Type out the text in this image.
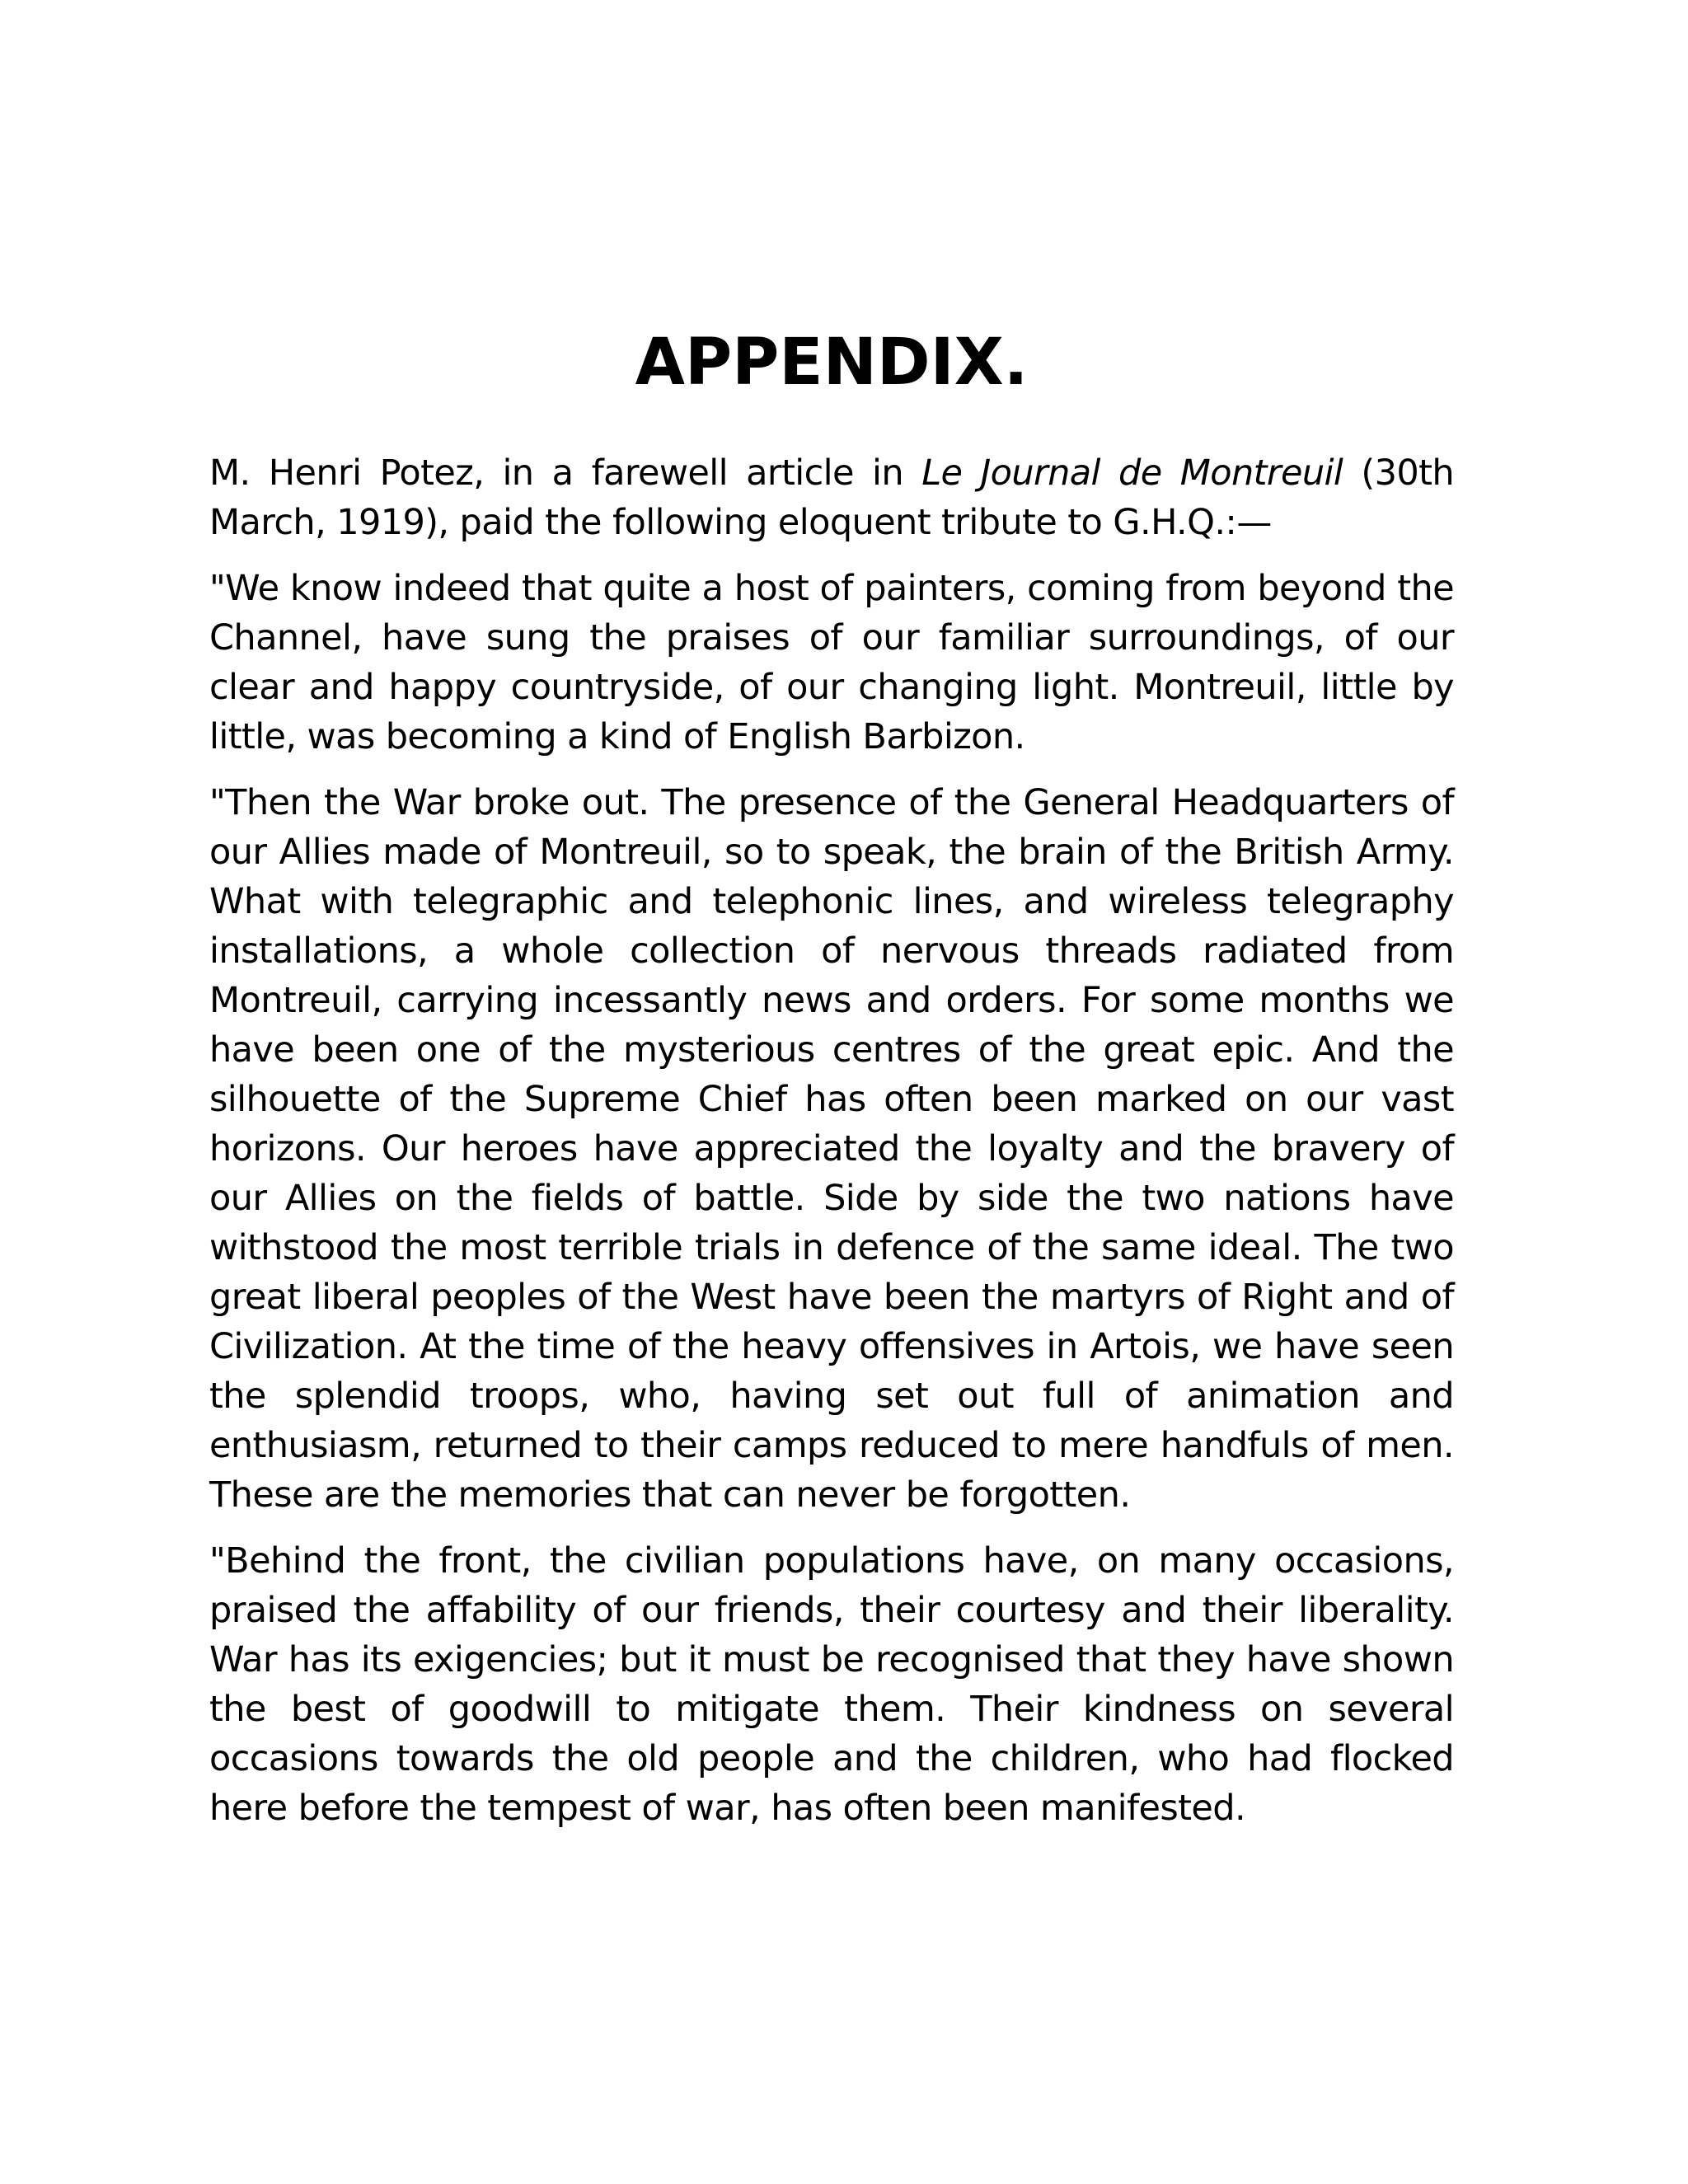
APPENDIX.

M. Henri Potez, in a farewell article in Le Journal de Montreuil (30th March, 1919), paid the following eloquent tribute to G.H.Q.:—

"We know indeed that quite a host of painters, coming from beyond the Channel, have sung the praises of our familiar surroundings, of our clear and happy countryside, of our changing light. Montreuil, little by little, was becoming a kind of English Barbizon.

"Then the War broke out. The presence of the General Headquarters of our Allies made of Montreuil, so to speak, the brain of the British Army. What with telegraphic and telephonic lines, and wireless telegraphy installations, a whole collection of nervous threads radiated from Montreuil, carrying incessantly news and orders. For some months we have been one of the mysterious centres of the great epic. And the silhouette of the Supreme Chief has often been marked on our vast horizons. Our heroes have appreciated the loyalty and the bravery of our Allies on the fields of battle. Side by side the two nations have withstood the most terrible trials in defence of the same ideal. The two great liberal peoples of the West have been the martyrs of Right and of Civilization. At the time of the heavy offensives in Artois, we have seen the splendid troops, who, having set out full of animation and enthusiasm, returned to their camps reduced to mere handfuls of men. These are the memories that can never be forgotten.

"Behind the front, the civilian populations have, on many occasions, praised the affability of our friends, their courtesy and their liberality. War has its exigencies; but it must be recognised that they have shown the best of goodwill to mitigate them. Their kindness on several occasions towards the old people and the children, who had flocked here before the tempest of war, has often been manifested.
